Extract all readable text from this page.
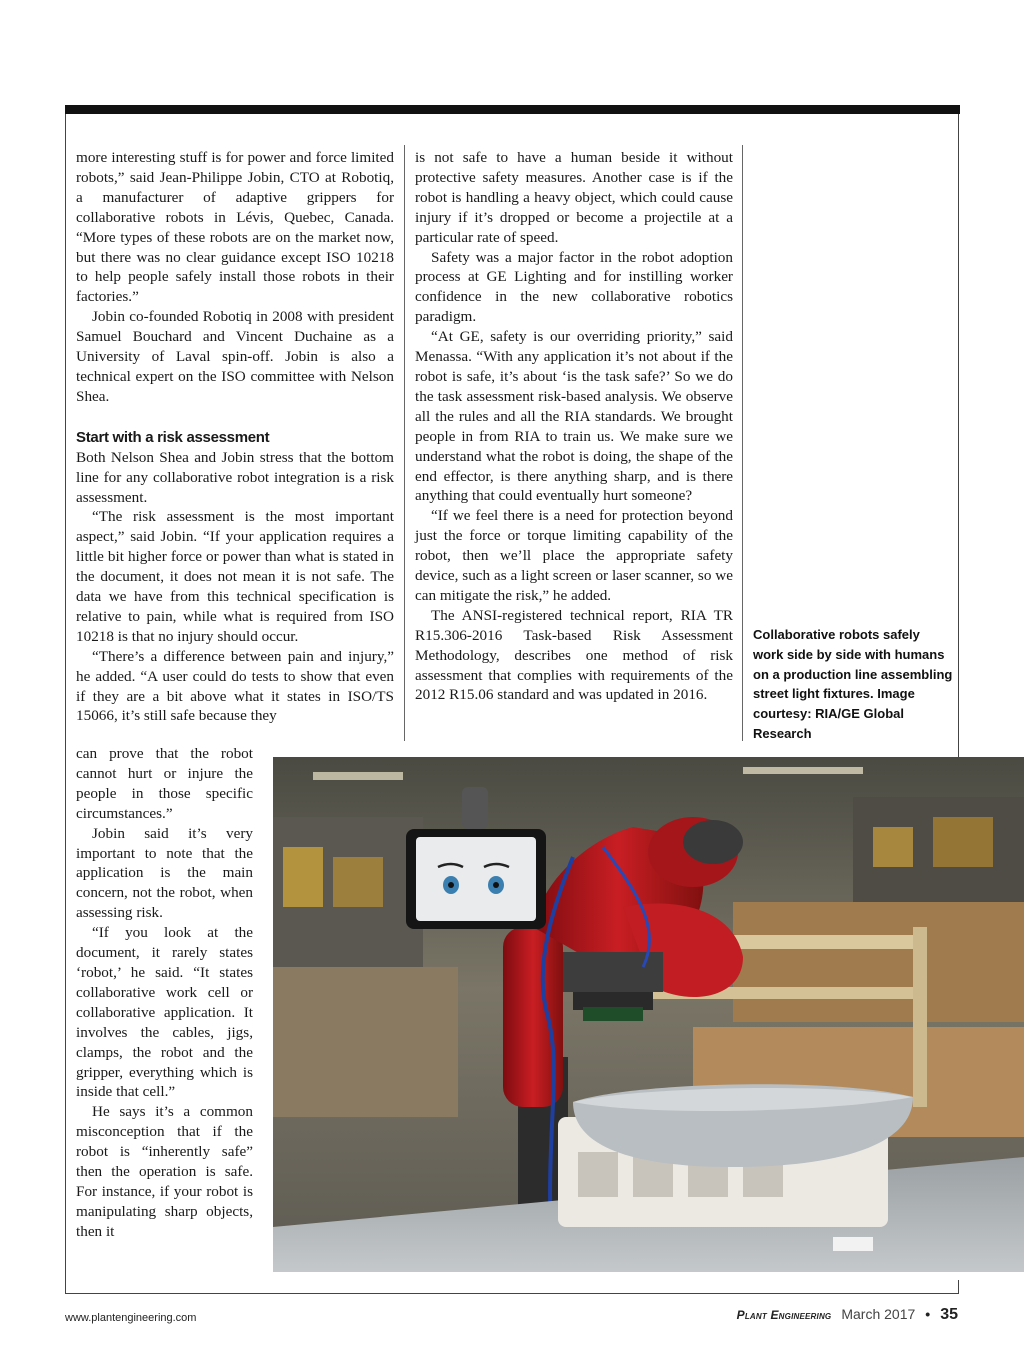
more interesting stuff is for power and force limited robots,” said Jean-Philippe Jobin, CTO at Robotiq, a manufacturer of adaptive grippers for collaborative robots in Lévis, Quebec, Canada. “More types of these robots are on the market now, but there was no clear guidance except ISO 10218 to help people safely install those robots in their factories.”

Jobin co-founded Robotiq in 2008 with president Samuel Bouchard and Vincent Duchaine as a University of Laval spin-off. Jobin is also a technical expert on the ISO committee with Nelson Shea.

Start with a risk assessment

Both Nelson Shea and Jobin stress that the bottom line for any collaborative robot integration is a risk assessment.

“The risk assessment is the most important aspect,” said Jobin. “If your application requires a little bit higher force or power than what is stated in the document, it does not mean it is not safe. The data we have from this technical specification is relative to pain, while what is required from ISO 10218 is that no injury should occur.

“There’s a difference between pain and injury,” he added. “A user could do tests to show that even if they are a bit above what it states in ISO/TS 15066, it’s still safe because they

can prove that the robot cannot hurt or injure the people in those specific circumstances.”

Jobin said it’s very important to note that the application is the main concern, not the robot, when assessing risk.

“If you look at the document, it rarely states ‘robot,’ he said. “It states collaborative work cell or collaborative application. It involves the cables, jigs, clamps, the robot and the gripper, everything which is inside that cell.”

He says it’s a common misconception that if the robot is “inherently safe” then the operation is safe. For instance, if your robot is manipulating sharp objects, then it

is not safe to have a human beside it without protective safety measures. Another case is if the robot is handling a heavy object, which could cause injury if it’s dropped or become a projectile at a particular rate of speed.

Safety was a major factor in the robot adoption process at GE Lighting and for instilling worker confidence in the new collaborative robotics paradigm.

“At GE, safety is our overriding priority,” said Menassa. “With any application it’s not about if the robot is safe, it’s about ‘is the task safe?’ So we do the task assessment risk-based analysis. We observe all the rules and all the RIA standards. We brought people in from RIA to train us. We make sure we understand what the robot is doing, the shape of the end effector, is there anything sharp, and is there anything that could eventually hurt someone?

“If we feel there is a need for protection beyond just the force or torque limiting capability of the robot, then we’ll place the appropriate safety device, such as a light screen or laser scanner, so we can mitigate the risk,” he added.

The ANSI-registered technical report, RIA TR R15.306-2016 Task-based Risk Assessment Methodology, describes one method of risk assessment that complies with requirements of the 2012 R15.06 standard and was updated in 2016.

Collaborative robots safely work side by side with humans on a production line assembling street light fixtures. Image courtesy: RIA/GE Global Research
www.plantengineering.com	Plant Engineering March 2017 • 35
